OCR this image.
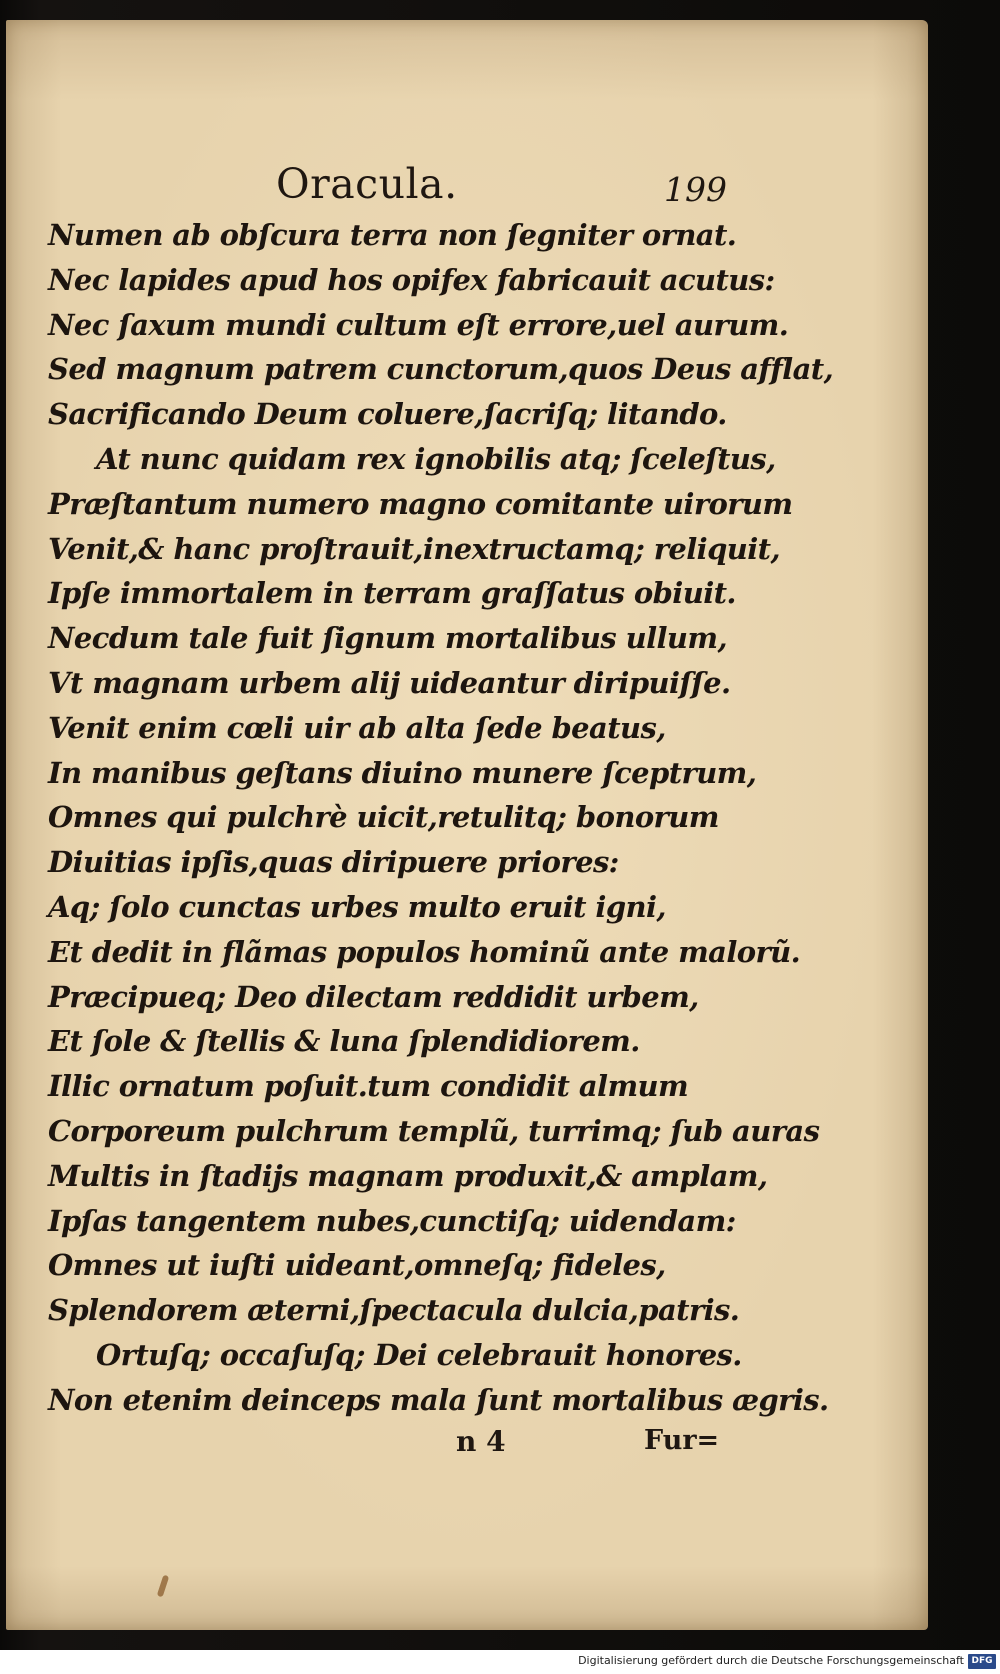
Oracula.	199
Numen ab obſcura terra non ſegniter ornat.
Nec lapides apud hos opifex fabricauit acutus:
Nec ſaxum mundi cultum eſt errore,uel aurum.
Sed magnum patrem cunctorum,quos Deus afflat,
Sacrificando Deum coluere,ſacriſq; litando.
At nunc quidam rex ignobilis atq; ſceleſtus,
Præſtantum numero magno comitante uirorum
Venit,& hanc proſtrauit,inextructamq; reliquit,
Ipſe immortalem in terram graſſatus obiuit.
Necdum tale fuit ſignum mortalibus ullum,
Vt magnam urbem alij uideantur diripuiſſe.
Venit enim cœli uir ab alta ſede beatus,
In manibus geſtans diuino munere ſceptrum,
Omnes qui pulchrè uicit,retulitq; bonorum
Diuitias ipſis,quas diripuere priores:
Aq; ſolo cunctas urbes multo eruit igni,
Et dedit in flãmas populos hominũ ante malorũ.
Præcipueq; Deo dilectam reddidit urbem,
Et ſole & ſtellis & luna ſplendidiorem.
Illic ornatum poſuit.tum condidit almum
Corporeum pulchrum templũ, turrimq; ſub auras
Multis in ſtadijs magnam produxit,& amplam,
Ipſas tangentem nubes,cunctiſq; uidendam:
Omnes ut iuſti uideant,omneſq; fideles,
Splendorem æterni,ſpectacula dulcia,patris.
Ortuſq; occaſuſq; Dei celebrauit honores.
Non etenim deinceps mala ſunt mortalibus ægris.
n 4	Fur=
Digitalisierung gefördert durch die Deutsche Forschungsgemeinschaft DFG
